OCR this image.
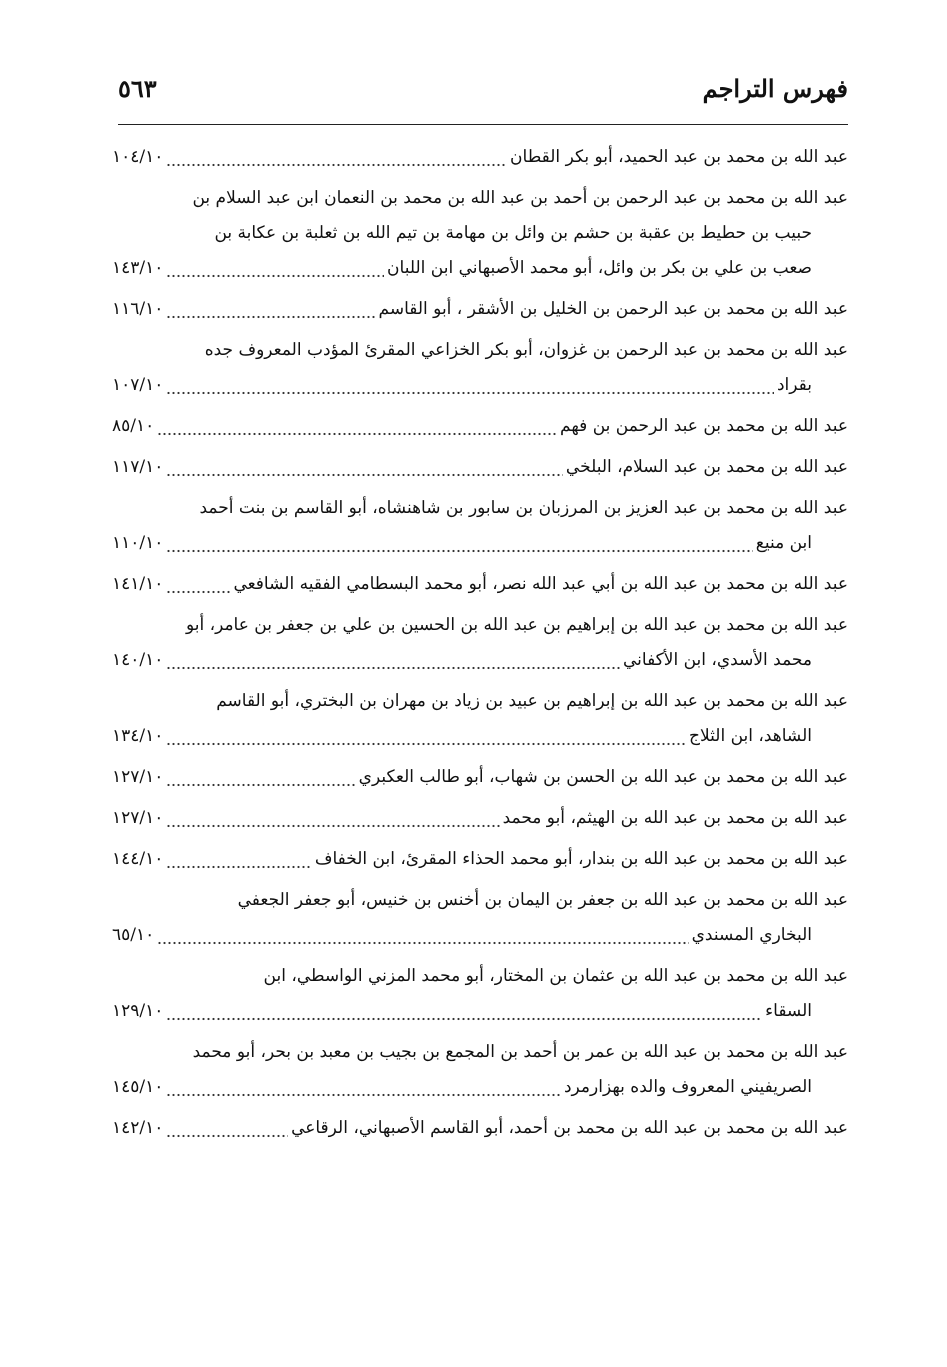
فهرس التراجم
٥٦٣
عبد الله بن محمد بن عبد الحميد، أبو بكر القطان
١٠٤/١٠
عبد الله بن محمد بن عبد الرحمن بن أحمد بن عبد الله بن محمد بن النعمان ابن عبد السلام بن
حبيب بن حطيط بن عقبة بن حشم بن وائل بن مهامة بن تيم الله بن ثعلبة بن عكابة بن
صعب بن علي بن بكر بن وائل، أبو محمد الأصبهاني ابن اللبان
١٤٣/١٠
عبد الله بن محمد بن عبد الرحمن بن الخليل بن الأشقر ، أبو القاسم
١١٦/١٠
عبد الله بن محمد بن عبد الرحمن بن غزوان، أبو بكر الخزاعي المقرئ المؤدب المعروف جده
بقراد
١٠٧/١٠
عبد الله بن محمد بن عبد الرحمن بن فهم
٨٥/١٠
عبد الله بن محمد بن عبد السلام، البلخي
١١٧/١٠
عبد الله بن محمد بن عبد العزيز بن المرزبان بن سابور بن شاهنشاه، أبو القاسم بن بنت أحمد
ابن منيع
١١٠/١٠
عبد الله بن محمد بن عبد الله بن أبي عبد الله نصر، أبو محمد البسطامي الفقيه الشافعي
١٤١/١٠
عبد الله بن محمد بن عبد الله بن إبراهيم بن عبد الله بن الحسين بن علي بن جعفر بن عامر، أبو
محمد الأسدي، ابن الأكفاني
١٤٠/١٠
عبد الله بن محمد بن عبد الله بن إبراهيم بن عبيد بن زياد بن مهران بن البختري، أبو القاسم
الشاهد، ابن الثلاج
١٣٤/١٠
عبد الله بن محمد بن عبد الله بن الحسن بن شهاب، أبو طالب العكبري
١٢٧/١٠
عبد الله بن محمد بن عبد الله بن الهيثم، أبو محمد
١٢٧/١٠
عبد الله بن محمد بن عبد الله بن بندار، أبو محمد الحذاء المقرئ، ابن الخفاف
١٤٤/١٠
عبد الله بن محمد بن عبد الله بن جعفر بن اليمان بن أخنس بن خنيس، أبو جعفر الجعفي
البخاري المسندي
٦٥/١٠
عبد الله بن محمد بن عبد الله بن عثمان بن المختار، أبو محمد المزني الواسطي، ابن
السقاء
١٢٩/١٠
عبد الله بن محمد بن عبد الله بن عمر بن أحمد بن المجمع بن بجيب بن معبد بن بحر، أبو محمد
الصريفيني المعروف والده بهزارمرد
١٤٥/١٠
عبد الله بن محمد بن عبد الله بن محمد بن أحمد، أبو القاسم الأصبهاني، الرقاعي
١٤٢/١٠
